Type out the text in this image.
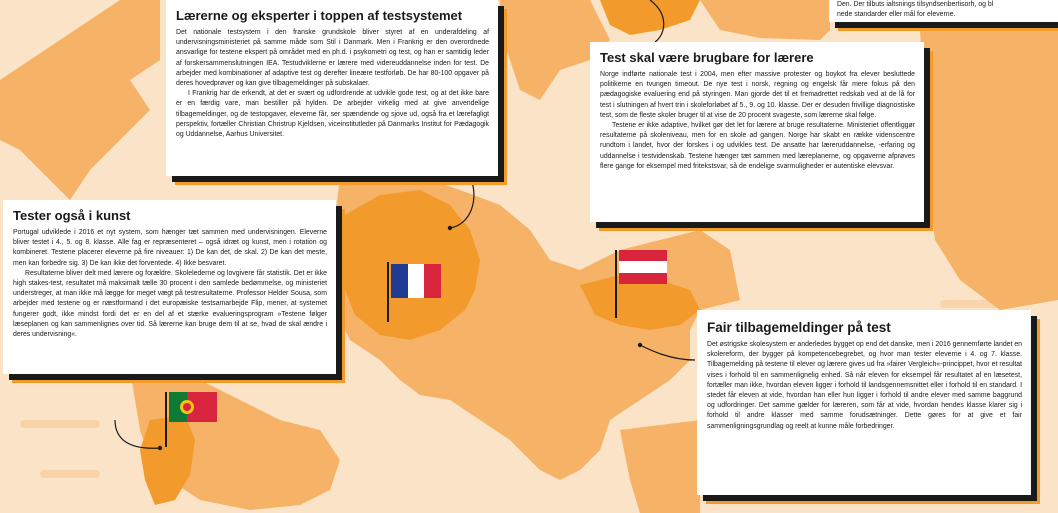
Den. Der tilbuts ialtsnings tilsyndsenbertisorh, og bl

nede standarder eller mål for eleverne.

Lærerne og eksperter i toppen af testsystemet

Det nationale testsystem i den franske grundskole bliver styret af en underafdeling af undervisningsministeriet på samme måde som Stil i Danmark. Men i Frankrig er den overordnede ansvarlige for testene ekspert på området med en ph.d. i psykometri og test, og han er samtidig leder af forskersammenslutningen IEA. Testudviklerne er lærere med videreuddannelse inden for test. De arbejder med kombinationer af adaptive test og derefter lineære testforløb. De har 80-100 opgaver på deres hovedprøver og kan give tilbagemeldinger på subskalaer.

I Frankrig har de erkendt, at det er svært og udfordrende at udvikle gode test, og at det ikke bare er en færdig vare, man bestiller på hylden. De arbejder virkelig med at give anvendelige tilbagemeldinger, og de testopgaver, eleverne får, ser spændende og sjove ud, også fra et lærefagligt perspektiv, fortæller Christian Christrup Kjeldsen, viceinstitutleder på Danmarks Institut for Pædagogik og Uddannelse, Aarhus Universitet.

Test skal være brugbare for lærere

Norge indførte nationale test i 2004, men efter massive protester og boykot fra elever besluttede politikerne en tvungen timeout. De nye test i norsk, regning og engelsk får mere fokus på den pædagogiske evaluering end på styringen. Man gjorde det til et fremadrettet redskab ved at de lå for test i slutningen af hvert trin i skoleforløbet af 5., 9. og 10. klasse. Der er desuden frivillige diagnostiske test, som de fleste skoler bruger til at vise de 20 procent svageste, som lærerne skal følge.

Testene er ikke adaptive, hvilket gør det let for lærere at bruge resultaterne. Ministeriet offentliggør resultaterne på skoleniveau, men for en skole ad gangen. Norge har skabt en række videnscentre rundtom i landet, hvor der forskes i og udvikles test. De ansatte har læreruddannelse, -erfaring og uddannelse i testvidenskab. Testene hænger tæt sammen med læreplanerne, og opgaverne afprøves flere gange for eksempel med fritekstsvar, så de endelige svarmuligheder er autentiske elevsvar.

Tester også i kunst

Portugal udviklede i 2016 et nyt system, som hænger tæt sammen med undervisningen. Eleverne bliver testet i 4., 5. og 8. klasse. Alle fag er repræsenteret – også idræt og kunst, men i rotation og kombineret. Testene placerer eleverne på fire niveauer: 1) De kan det, de skal. 2) De kan det meste, men kan forbedre sig. 3) De kan ikke det forventede. 4) Ikke besvaret.

Resultaterne bliver delt med lærere og forældre. Skolelederne og lovgivere får statistik. Det er ikke high stakes-test, resultatet må maksimalt tælle 30 procent i den samlede bedømmelse, og ministeriet understreger, at man ikke må lægge for meget vægt på testresultaterne. Professor Helder Sousa, som arbejder med testene og er næstformand i det europæiske testsamarbejde Flip, mener, at systemet fungerer godt, ikke mindst fordi det er en del af et stærke evalueringsprogram »Testene følger læseplanen og kan sammenlignes over tid. Så lærerne kan bruge dem til at se, hvad de skal ændre i deres undervisning«.	Fair tilbagemeldinger på test

Det østrigske skolesystem er anderledes bygget op end det danske, men i 2016 gennemførte landet en skolereform, der bygger på kompetencebegrebet, og hvor man tester eleverne i 4. og 7. klasse. Tilbagemelding på testene til elever og lærere gives ud fra »fairer Vergleich«-princippet, hvor et resultat vises i forhold til en sammenlignelig enhed. Så når eleven for eksempel får resultatet af en læsetest, fortæller man ikke, hvordan eleven ligger i forhold til landsgennemsnittet eller i forhold til en standard. I stedet får eleven at vide, hvordan han eller hun ligger i forhold til andre elever med samme baggrund og udfordringer. Det samme gælder for læreren, som får at vide, hvordan hendes klasse klarer sig i forhold til andre klasser med samme forudsætninger. Dette gøres for at give et fair sammenligningsgrundlag og reelt at kunne måle forbedringer.
